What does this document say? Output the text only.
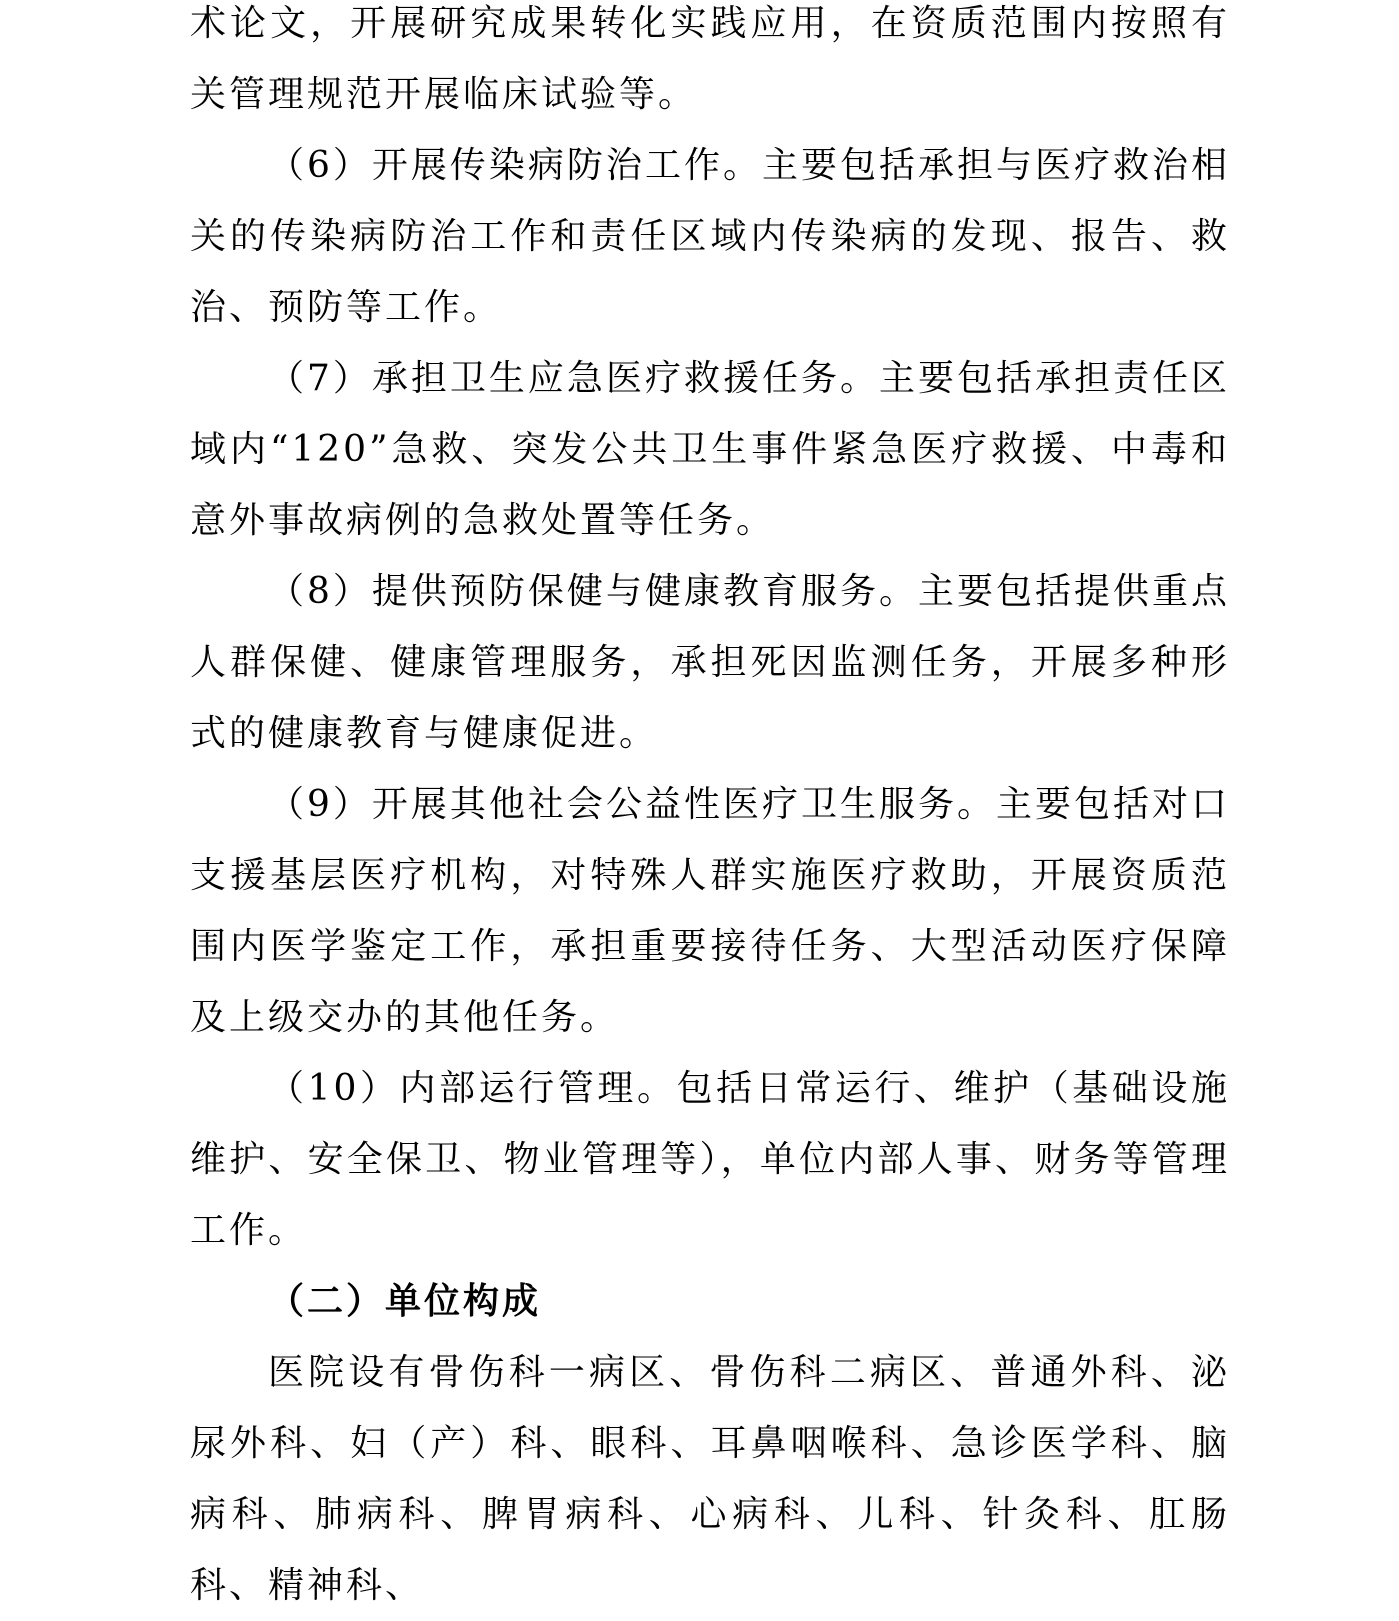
术论文，开展研究成果转化实践应用，在资质范围内按照有关管理规范开展临床试验等。

（6）开展传染病防治工作。主要包括承担与医疗救治相关的传染病防治工作和责任区域内传染病的发现、报告、救治、预防等工作。

（7）承担卫生应急医疗救援任务。主要包括承担责任区域内“120”急救、突发公共卫生事件紧急医疗救援、中毒和意外事故病例的急救处置等任务。

（8）提供预防保健与健康教育服务。主要包括提供重点人群保健、健康管理服务，承担死因监测任务，开展多种形式的健康教育与健康促进。

（9）开展其他社会公益性医疗卫生服务。主要包括对口支援基层医疗机构，对特殊人群实施医疗救助，开展资质范围内医学鉴定工作，承担重要接待任务、大型活动医疗保障及上级交办的其他任务。

（10）内部运行管理。包括日常运行、维护（基础设施维护、安全保卫、物业管理等），单位内部人事、财务等管理工作。

（二）单位构成

医院设有骨伤科一病区、骨伤科二病区、普通外科、泌尿外科、妇（产）科、眼科、耳鼻咽喉科、急诊医学科、脑病科、肺病科、脾胃病科、心病科、儿科、针灸科、肛肠科、精神科、
